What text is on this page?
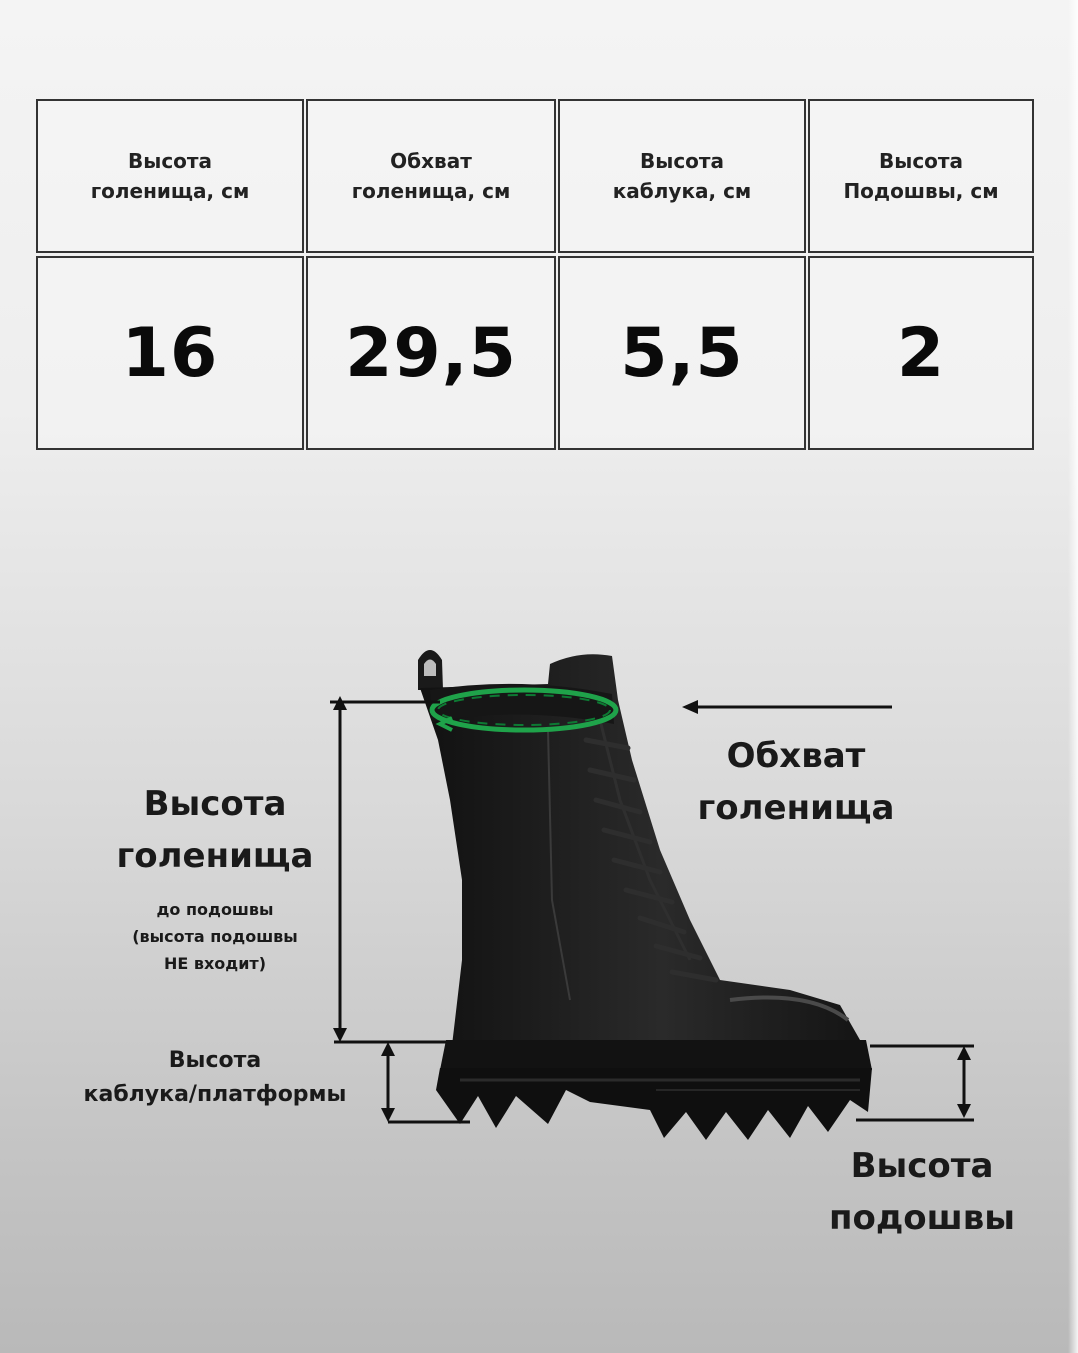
Высота
голенища, см
Обхват
голенища, см
Высота
каблука, см
Высота
Подошвы, см
16 29,5 5,5 2
Высота
голенища
до подошвы
(высота подошвы
НЕ входит)
Обхват
голенища
Высота
каблука/платформы
Высота
подошвы
